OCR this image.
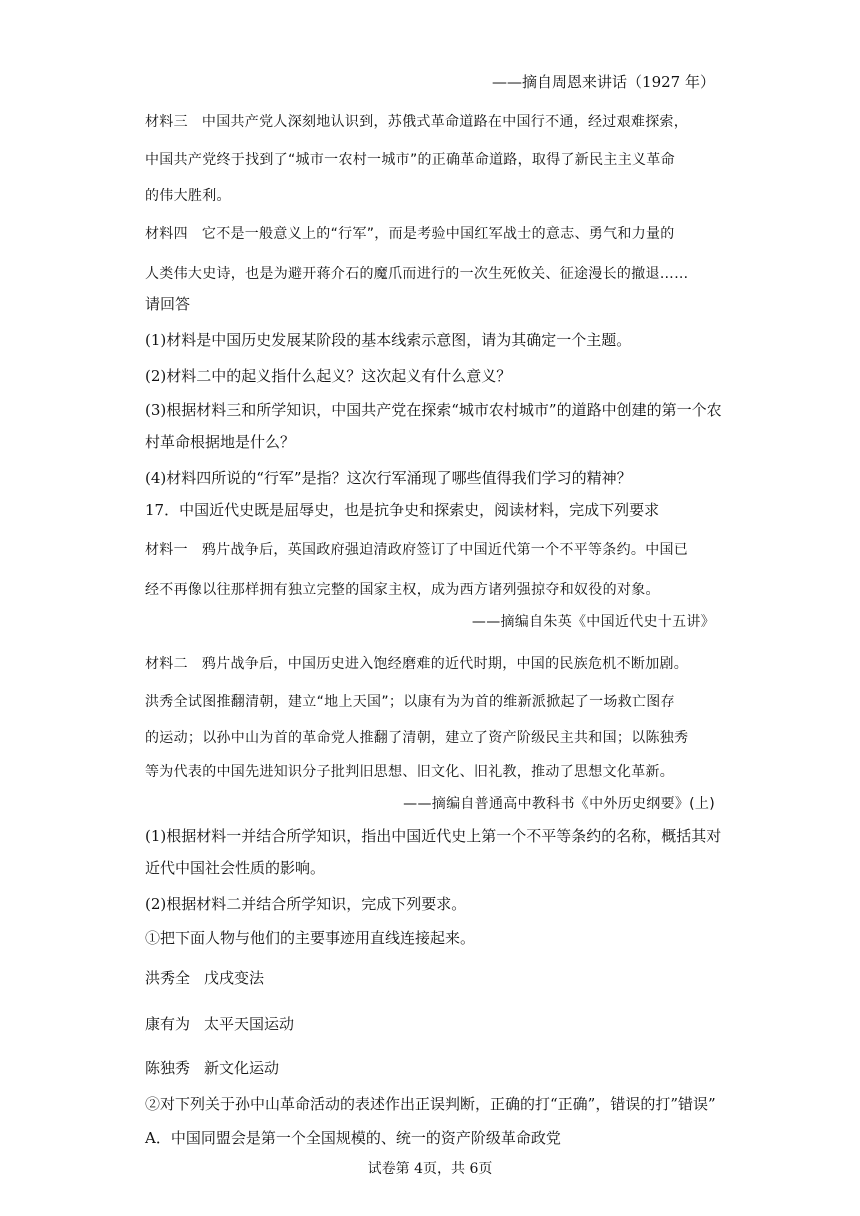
——摘自周恩来讲话（1927 年）
材料三 中国共产党人深刻地认识到，苏俄式革命道路在中国行不通，经过艰难探索，
中国共产党终于找到了“城市一农村一城市”的正确革命道路，取得了新民主主义革命
的伟大胜利。
材料四 它不是一般意义上的“行军”，而是考验中国红军战士的意志、勇气和力量的
人类伟大史诗，也是为避开蒋介石的魔爪而进行的一次生死攸关、征途漫长的撤退……
请回答
(1)材料是中国历史发展某阶段的基本线索示意图，请为其确定一个主题。
(2)材料二中的起义指什么起义？这次起义有什么意义？
(3)根据材料三和所学知识，中国共产党在探索“城市农村城市”的道路中创建的第一个农
村革命根据地是什么？
(4)材料四所说的“行军”是指？这次行军涌现了哪些值得我们学习的精神？
17．中国近代史既是屈辱史，也是抗争史和探索史，阅读材料，完成下列要求
材料一 鸦片战争后，英国政府强迫清政府签订了中国近代第一个不平等条约。中国已
经不再像以往那样拥有独立完整的国家主权，成为西方诸列强掠夺和奴役的对象。
——摘编自朱英《中国近代史十五讲》
材料二 鸦片战争后，中国历史进入饱经磨难的近代时期，中国的民族危机不断加剧。
洪秀全试图推翻清朝，建立“地上天国”；以康有为为首的维新派掀起了一场救亡图存
的运动；以孙中山为首的革命党人推翻了清朝，建立了资产阶级民主共和国；以陈独秀
等为代表的中国先进知识分子批判旧思想、旧文化、旧礼教，推动了思想文化革新。
——摘编自普通高中教科书《中外历史纲要》(上)
(1)根据材料一并结合所学知识，指出中国近代史上第一个不平等条约的名称，概括其对
近代中国社会性质的影响。
(2)根据材料二并结合所学知识，完成下列要求。
①把下面人物与他们的主要事迹用直线连接起来。
洪秀全 戊戌变法
康有为 太平天国运动
陈独秀 新文化运动
②对下列关于孙中山革命活动的表述作出正误判断，正确的打“正确”，错误的打”错误”
A．中国同盟会是第一个全国规模的、统一的资产阶级革命政党
试卷第 4页，共 6页
